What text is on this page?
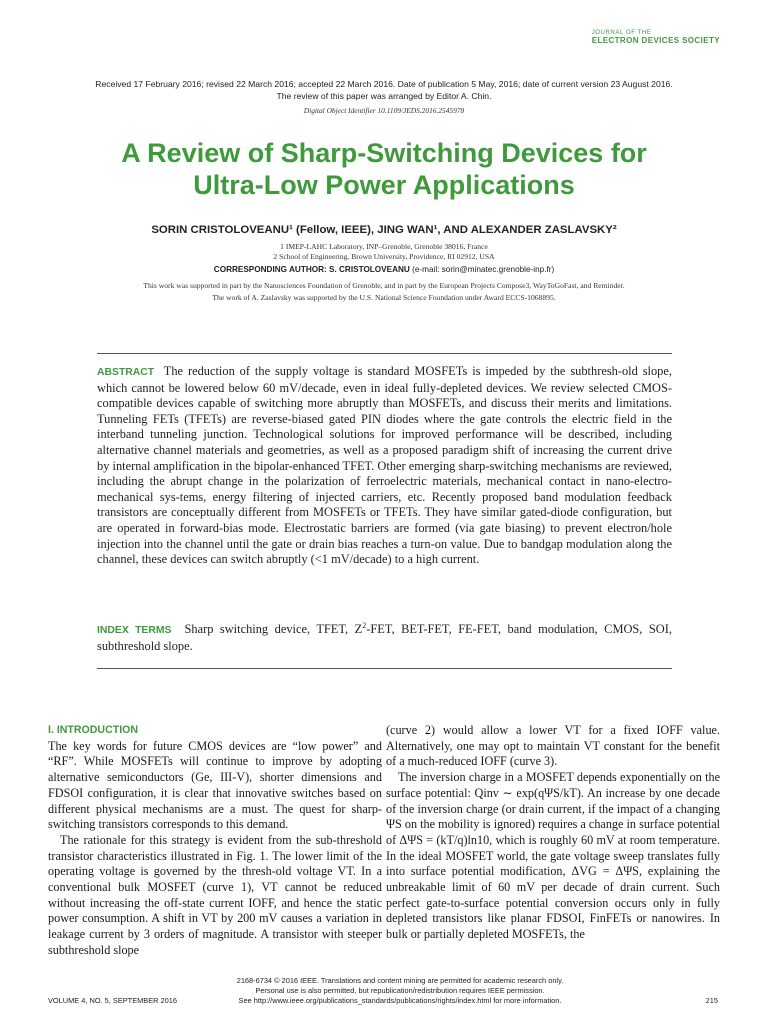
JOURNAL OF THE
ELECTRON DEVICES SOCIETY
Received 17 February 2016; revised 22 March 2016; accepted 22 March 2016. Date of publication 5 May, 2016; date of current version 23 August 2016.
The review of this paper was arranged by Editor A. Chin.
Digital Object Identifier 10.1109/JEDS.2016.2545978
A Review of Sharp-Switching Devices for
Ultra-Low Power Applications
SORIN CRISTOLOVEANU¹ (Fellow, IEEE), JING WAN¹, AND ALEXANDER ZASLAVSKY²
1 IMEP-LAHC Laboratory, INP–Grenoble, Grenoble 38016, France
2 School of Engineering, Brown University, Providence, RI 02912, USA
CORRESPONDING AUTHOR: S. CRISTOLOVEANU (e-mail: sorin@minatec.grenoble-inp.fr)
This work was supported in part by the Nanosciences Foundation of Grenoble, and in part by the European Projects Compose3, WayToGoFast, and Reminder.
The work of A. Zaslavsky was supported by the U.S. National Science Foundation under Award ECCS-1068895.
ABSTRACT The reduction of the supply voltage is standard MOSFETs is impeded by the subthresh-old slope, which cannot be lowered below 60 mV/decade, even in ideal fully-depleted devices. We review selected CMOS-compatible devices capable of switching more abruptly than MOSFETs, and discuss their merits and limitations. Tunneling FETs (TFETs) are reverse-biased gated PIN diodes where the gate controls the electric field in the interband tunneling junction. Technological solutions for improved performance will be described, including alternative channel materials and geometries, as well as a proposed paradigm shift of increasing the current drive by internal amplification in the bipolar-enhanced TFET. Other emerging sharp-switching mechanisms are reviewed, including the abrupt change in the polarization of ferroelectric materials, mechanical contact in nano-electro-mechanical sys-tems, energy filtering of injected carriers, etc. Recently proposed band modulation feedback transistors are conceptually different from MOSFETs or TFETs. They have similar gated-diode configuration, but are operated in forward-bias mode. Electrostatic barriers are formed (via gate biasing) to prevent electron/hole injection into the channel until the gate or drain bias reaches a turn-on value. Due to bandgap modulation along the channel, these devices can switch abruptly (<1 mV/decade) to a high current.
INDEX TERMS Sharp switching device, TFET, $Z^2$-FET, BET-FET, FE-FET, band modulation, CMOS, SOI, subthreshold slope.
I. INTRODUCTION

The key words for future CMOS devices are “low power” and “RF”. While MOSFETs will continue to improve by adopting alternative semiconductors (Ge, III-V), shorter dimensions and FDSOI configuration, it is clear that innovative switches based on different physical mechanisms are a must. The quest for sharp-switching transistors corresponds to this demand.

The rationale for this strategy is evident from the sub-threshold transistor characteristics illustrated in Fig. 1. The lower limit of the operating voltage is governed by the thresh-old voltage VT. In a conventional bulk MOSFET (curve 1), VT cannot be reduced without increasing the off-state current IOFF, and hence the static power consumption. A shift in VT by 200 mV causes a variation in leakage current by 3 orders of magnitude. A transistor with steeper subthreshold slope

(curve 2) would allow a lower VT for a fixed IOFF value. Alternatively, one may opt to maintain VT constant for the benefit of a much-reduced IOFF (curve 3).

The inversion charge in a MOSFET depends exponentially on the surface potential: Qinv ∼ exp(qΨS/kT). An increase by one decade of the inversion charge (or drain current, if the impact of a changing ΨS on the mobility is ignored) requires a change in surface potential of ΔΨS = (kT/q)ln10, which is roughly 60 mV at room temperature. In the ideal MOSFET world, the gate voltage sweep translates fully into surface potential modification, ΔVG = ΔΨS, explaining the unbreakable limit of 60 mV per decade of drain current. Such perfect gate-to-surface potential conversion occurs only in fully depleted transistors like planar FDSOI, FinFETs or nanowires. In bulk or partially depleted MOSFETs, the

2168-6734 © 2016 IEEE. Translations and content mining are permitted for academic research only.
Personal use is also permitted, but republication/redistribution requires IEEE permission.
See http://www.ieee.org/publications_standards/publications/rights/index.html for more information.
VOLUME 4, NO. 5, SEPTEMBER 2016	215
